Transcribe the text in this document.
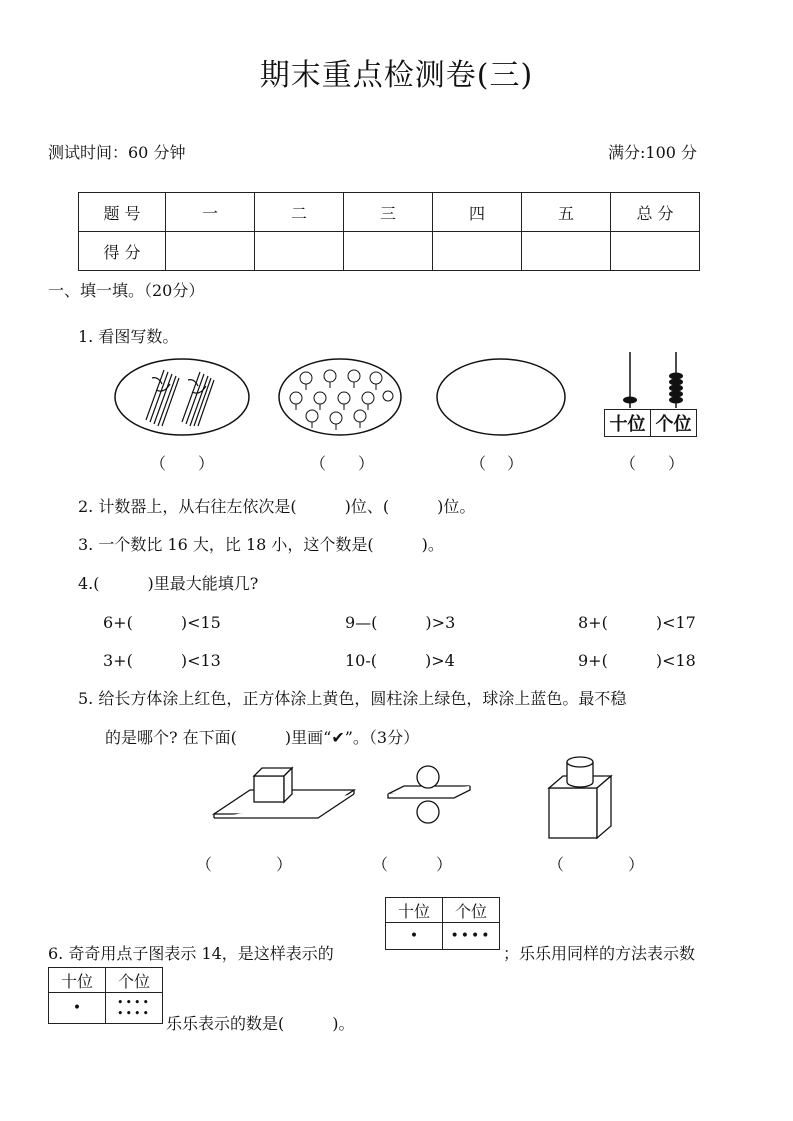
期末重点检测卷(三)
测试时间：60 分钟	满分:100 分
题 号	一	二	三	四	五	总 分
得 分						
一、填一填。（20分）
1. 看图写数。
十位	个位
（　　）	（　　）	（　 ）	（　　）
2. 计数器上，从右往左依次是(　　　)位、(　　　)位。
3. 一个数比 16 大，比 18 小，这个数是(　　　)。
4.(　　　)里最大能填几?
6+(　　　)<15	9—(　　　)>3	8+(　　　)<17
3+(　　　)<13	10-(　　　)>4	9+(　　　)<18
5. 给长方体涂上红色，正方体涂上黄色，圆柱涂上绿色，球涂上蓝色。最不稳
的是哪个? 在下面(　　　)里画“✔”。（3分）
（　　　　）	（　　　）	（　　　　）
十位	个位
•	••••
6. 奇奇用点子图表示 14，是这样表示的	；乐乐用同样的方法表示数
十位	个位
•	••••
••••
乐乐表示的数是(　　　)。
